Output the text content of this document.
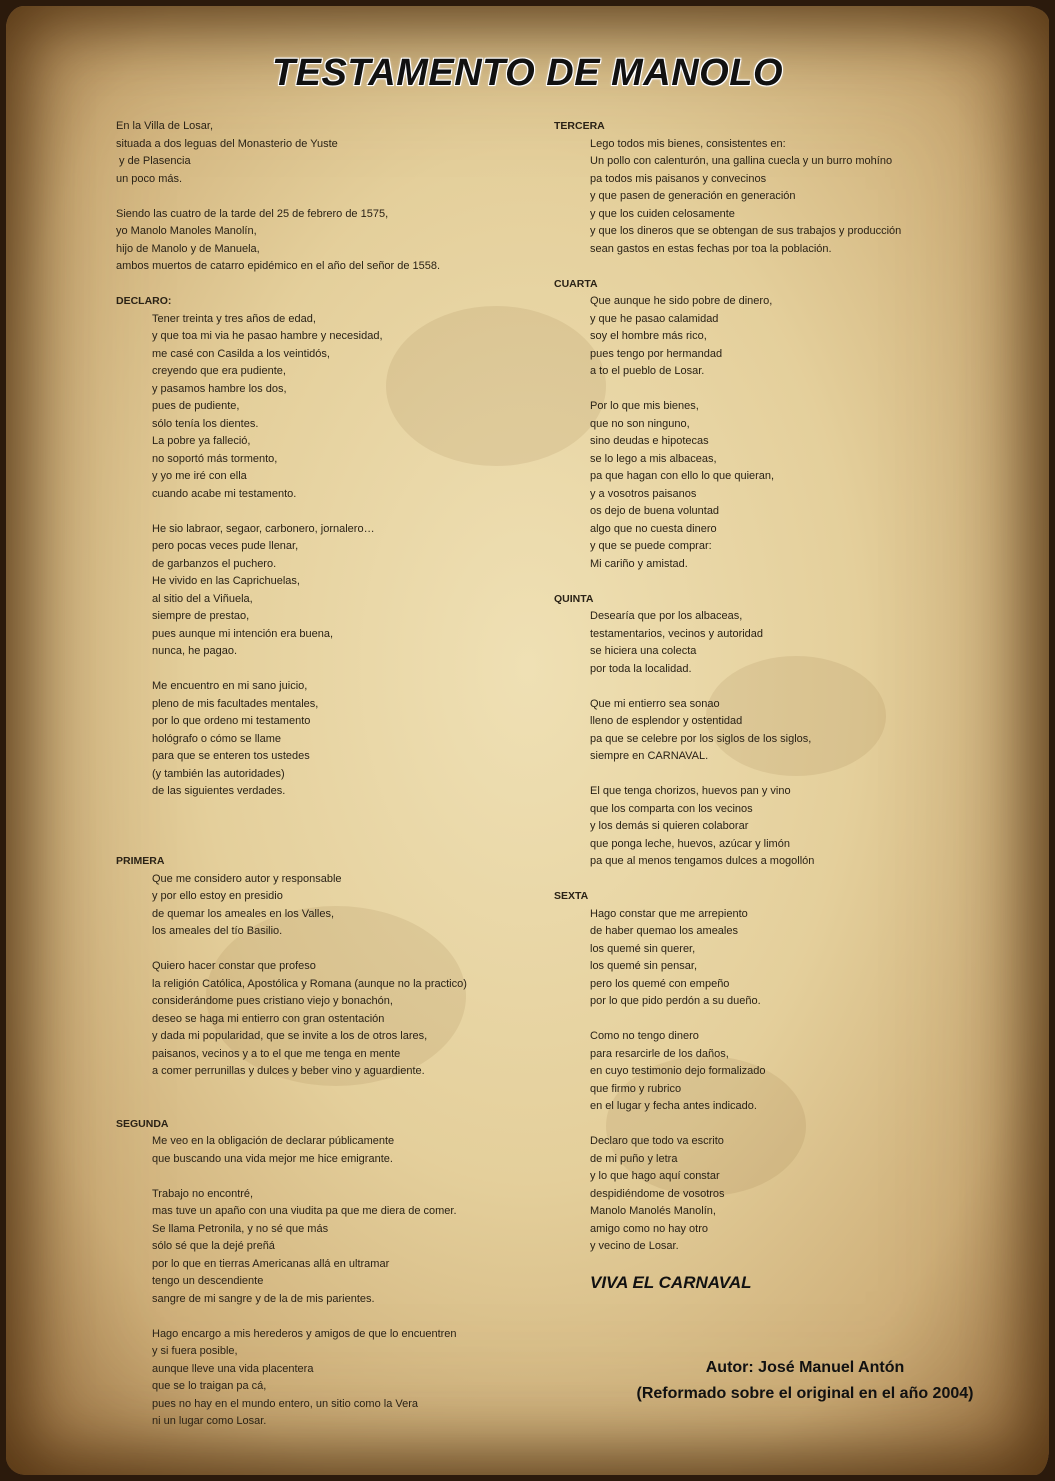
TESTAMENTO DE MANOLO
En la Villa de Losar,
situada a dos leguas del Monasterio de Yuste
y de Plasencia
un poco más.
Siendo las cuatro de la tarde del 25 de febrero de 1575,
yo Manolo Manoles Manolín,
hijo de Manolo y de Manuela,
ambos muertos de catarro epidémico en el año del señor de 1558.
DECLARO:
Tener treinta y tres años de edad,
y que toa mi via he pasao hambre y necesidad,
me casé con Casilda a los veintidós,
creyendo que era pudiente,
y pasamos hambre los dos,
pues de pudiente,
sólo tenía los dientes.
La pobre ya falleció,
no soportó más tormento,
y yo me iré con ella
cuando acabe mi testamento.
He sio labraor, segaor, carbonero, jornalero…
pero pocas veces pude llenar,
de garbanzos el puchero.
He vivido en las Caprichuelas,
al sitio del a Viñuela,
siempre de prestao,
pues aunque mi intención era buena,
nunca, he pagao.
Me encuentro en mi sano juicio,
pleno de mis facultades mentales,
por lo que ordeno mi testamento
hológrafo o cómo se llame
para que se enteren tos ustedes
(y también las autoridades)
de las siguientes verdades.
PRIMERA
Que me considero autor y responsable
y por ello estoy en presidio
de quemar los ameales en los Valles,
los ameales del tío Basilio.
Quiero hacer constar que profeso
la religión Católica, Apostólica y Romana (aunque no la practico)
considerándome pues cristiano viejo y bonachón,
deseo se haga mi entierro con gran ostentación
y dada mi popularidad, que se invite a los de otros lares,
paisanos, vecinos y a to el que me tenga en mente
a comer perrunillas y dulces y beber vino y aguardiente.
SEGUNDA
Me veo en la obligación de declarar públicamente
que buscando una vida mejor me hice emigrante.
Trabajo no encontré,
mas tuve un apaño con una viudita pa que me diera de comer.
Se llama Petronila, y no sé que más
sólo sé que la dejé preñá
por lo que en tierras Americanas allá en ultramar
tengo un descendiente
sangre de mi sangre y de la de mis parientes.
Hago encargo a mis herederos y amigos de que lo encuentren
y si fuera posible,
aunque lleve una vida placentera
que se lo traigan pa cá,
pues no hay en el mundo entero, un sitio como la Vera
ni un lugar como Losar.
TERCERA
Lego todos mis bienes, consistentes en:
Un pollo con calenturón, una gallina cuecla y un burro mohíno
pa todos mis paisanos y convecinos
y que pasen de generación en generación
y que los cuiden celosamente
y que los dineros que se obtengan de sus trabajos y producción
sean gastos en estas fechas por toa la población.
CUARTA
Que aunque he sido pobre de dinero,
y que he pasao calamidad
soy el hombre más rico,
pues tengo por hermandad
a to el pueblo de Losar.
Por lo que mis bienes,
que no son ninguno,
sino deudas e hipotecas
se lo lego a mis albaceas,
pa que hagan con ello lo que quieran,
y a vosotros paisanos
os dejo de buena voluntad
algo que no cuesta dinero
y que se puede comprar:
Mi cariño y amistad.
QUINTA
Desearía que por los albaceas,
testamentarios, vecinos y autoridad
se hiciera una colecta
por toda la localidad.
Que mi entierro sea sonao
lleno de esplendor y ostentidad
pa que se celebre por los siglos de los siglos,
siempre en CARNAVAL.
El que tenga chorizos, huevos pan y vino
que los comparta con los vecinos
y los demás si quieren colaborar
que ponga leche, huevos, azúcar y limón
pa que al menos tengamos dulces a mogollón
SEXTA
Hago constar que me arrepiento
de haber quemao los ameales
los quemé sin querer,
los quemé sin pensar,
pero los quemé con empeño
por lo que pido perdón a su dueño.
Como no tengo dinero
para resarcirle de los daños,
en cuyo testimonio dejo formalizado
que firmo y rubrico
en el lugar y fecha antes indicado.
Declaro que todo va escrito
de mi puño y letra
y lo que hago aquí constar
despidiéndome de vosotros
Manolo Manolés Manolín,
amigo como no hay otro
y vecino de Losar.
VIVA EL CARNAVAL
Autor: José Manuel Antón
(Reformado sobre el original en el año 2004)
